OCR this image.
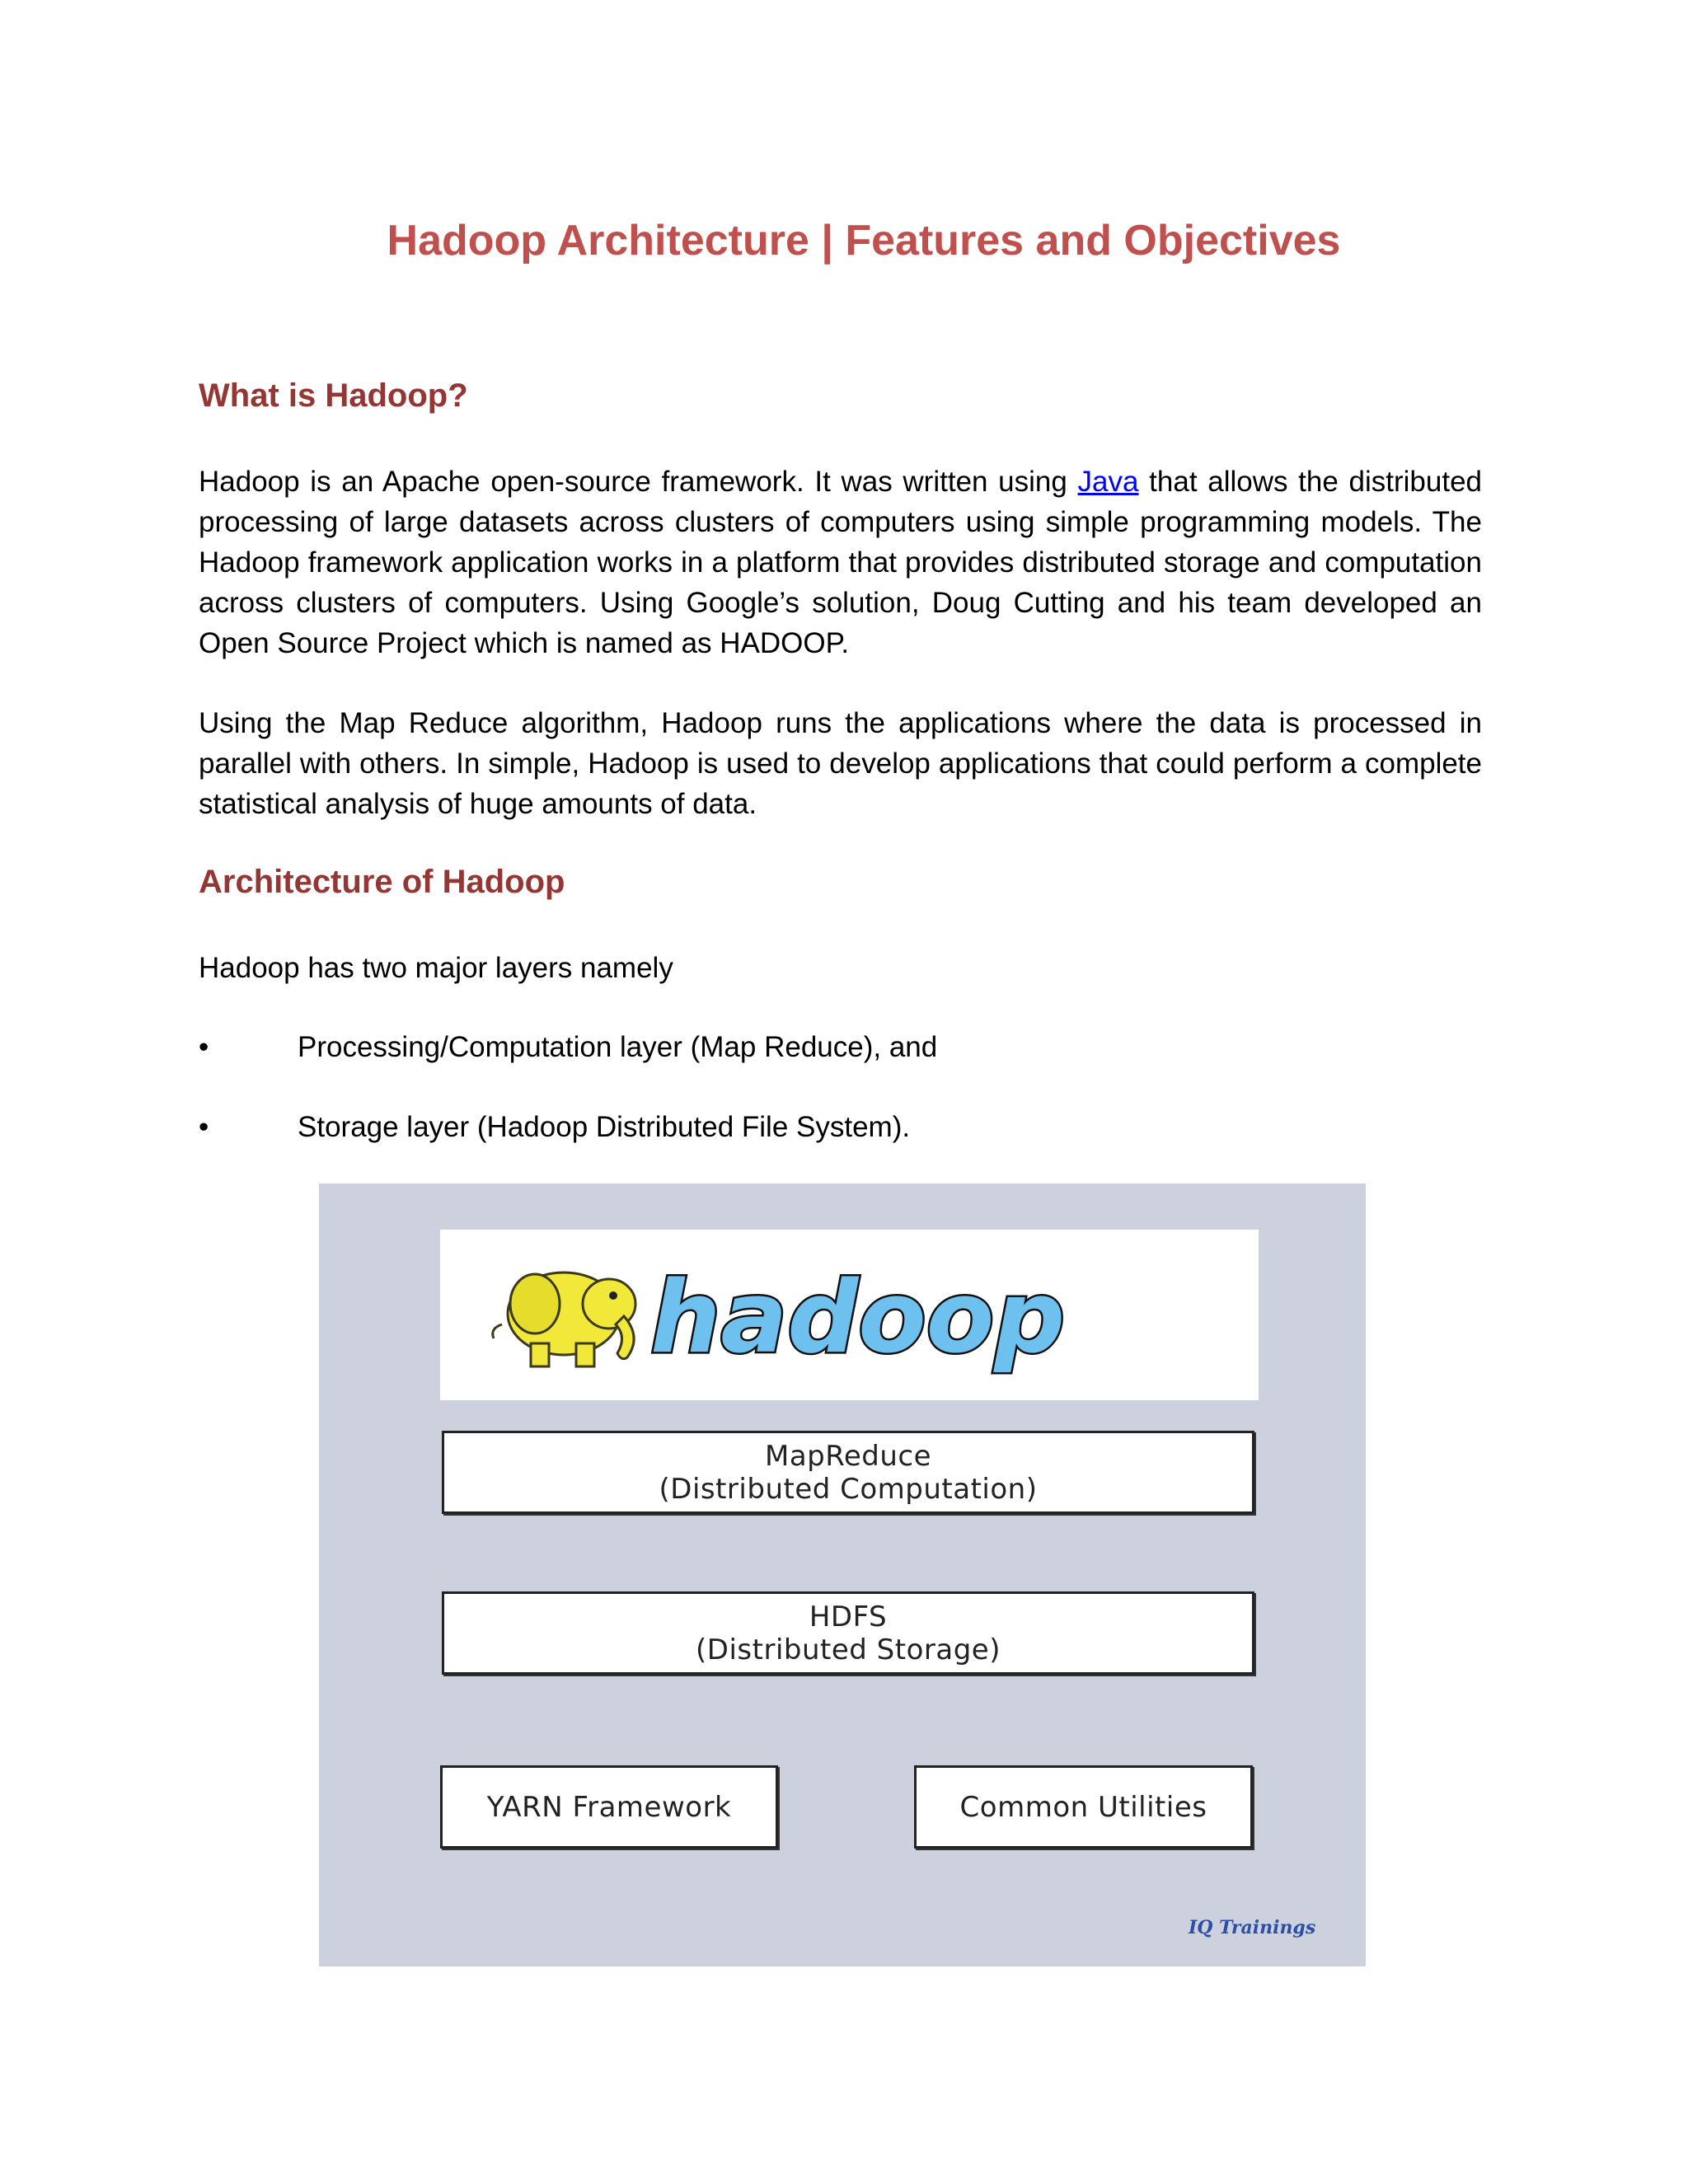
Hadoop Architecture | Features and Objectives
What is Hadoop?
Hadoop is an Apache open-source framework. It was written using Java that allows the distributed processing of large datasets across clusters of computers using simple programming models. The Hadoop framework application works in a platform that provides distributed storage and computation across clusters of computers. Using Google’s solution, Doug Cutting and his team developed an Open Source Project which is named as HADOOP.
Using the Map Reduce algorithm, Hadoop runs the applications where the data is processed in parallel with others. In simple, Hadoop is used to develop applications that could perform a complete statistical analysis of huge amounts of data.
Architecture of Hadoop
Hadoop has two major layers namely
•	Processing/Computation layer (Map Reduce), and
•	Storage layer (Hadoop Distributed File System).
hadoop
MapReduce
(Distributed Computation)
HDFS
(Distributed Storage)
YARN Framework	Common Utilities
IQ Trainings
